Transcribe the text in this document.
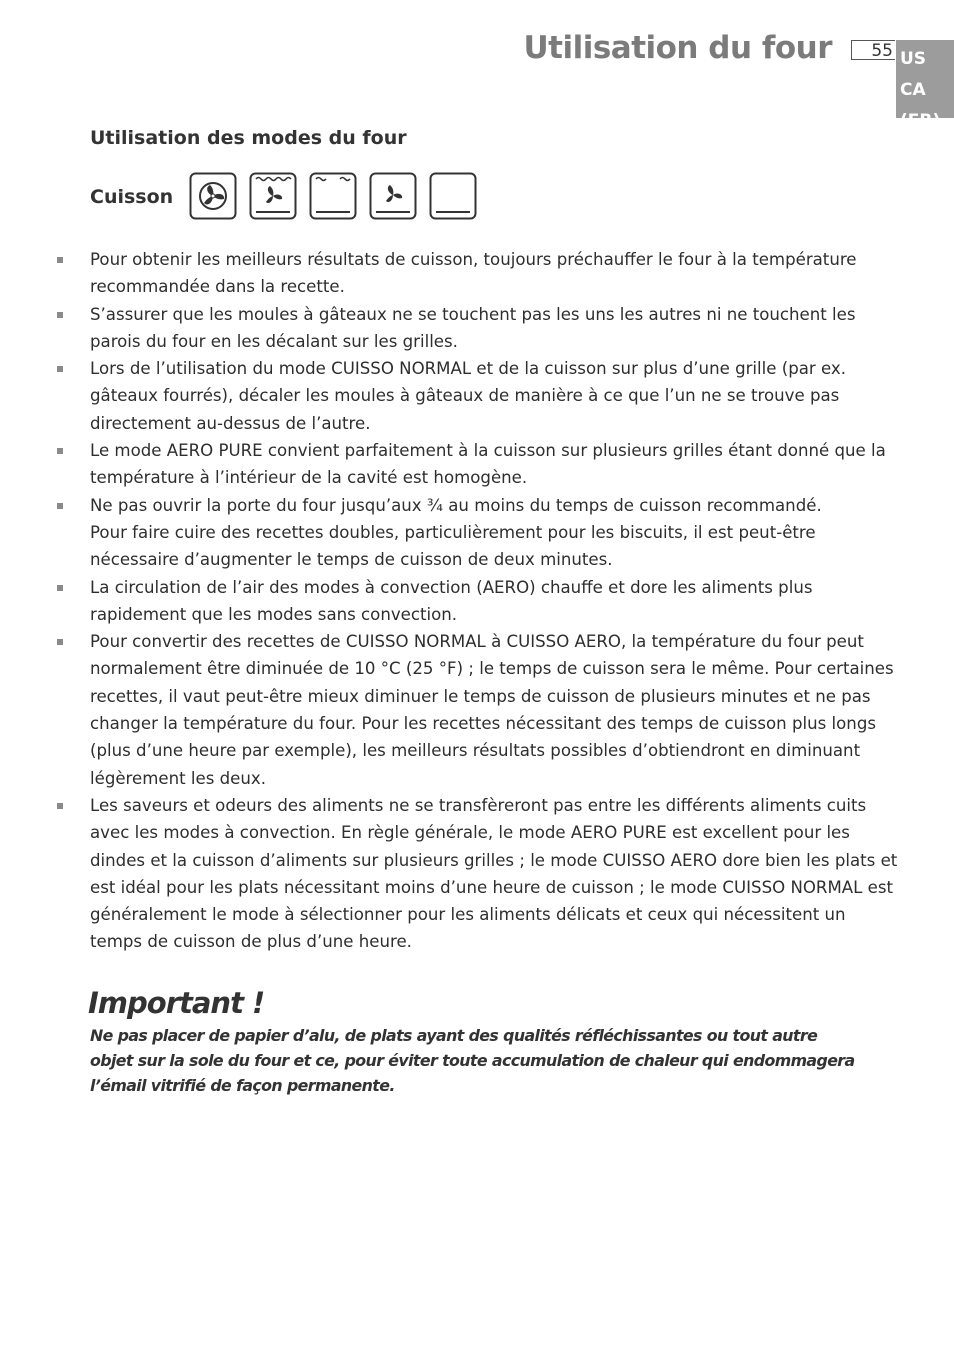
Utilisation du four	55 US CA
(FR)
Utilisation des modes du four
Cuisson
Pour obtenir les meilleurs résultats de cuisson, toujours préchauffer le four à la température recommandée dans la recette.
S’assurer que les moules à gâteaux ne se touchent pas les uns les autres ni ne touchent les parois du four en les décalant sur les grilles.
Lors de l’utilisation du mode CUISSO NORMAL et de la cuisson sur plus d’une grille (par ex. gâteaux fourrés), décaler les moules à gâteaux de manière à ce que l’un ne se trouve pas directement au-dessus de l’autre.
Le mode AERO PURE convient parfaitement à la cuisson sur plusieurs grilles étant donné que la température à l’intérieur de la cavité est homogène.
Ne pas ouvrir la porte du four jusqu’aux ¾ au moins du temps de cuisson recommandé.
Pour faire cuire des recettes doubles, particulièrement pour les biscuits, il est peut-être nécessaire d’augmenter le temps de cuisson de deux minutes.
La circulation de l’air des modes à convection (AERO) chauffe et dore les aliments plus rapidement que les modes sans convection.
Pour convertir des recettes de CUISSO NORMAL à CUISSO AERO, la température du four peut normalement être diminuée de 10 °C (25 °F) ; le temps de cuisson sera le même. Pour certaines recettes, il vaut peut-être mieux diminuer le temps de cuisson de plusieurs minutes et ne pas changer la température du four. Pour les recettes nécessitant des temps de cuisson plus longs (plus d’une heure par exemple), les meilleurs résultats possibles d’obtiendront en diminuant légèrement les deux.
Les saveurs et odeurs des aliments ne se transfèreront pas entre les différents aliments cuits avec les modes à convection. En règle générale, le mode AERO PURE est excellent pour les dindes et la cuisson d’aliments sur plusieurs grilles ; le mode CUISSO AERO dore bien les plats et est idéal pour les plats nécessitant moins d’une heure de cuisson ; le mode CUISSO NORMAL est généralement le mode à sélectionner pour les aliments délicats et ceux qui nécessitent un temps de cuisson de plus d’une heure.
Important !

Ne pas placer de papier d’alu, de plats ayant des qualités réfléchissantes ou tout autre objet sur la sole du four et ce, pour éviter toute accumulation de chaleur qui endommagera l’émail vitrifié de façon permanente.
